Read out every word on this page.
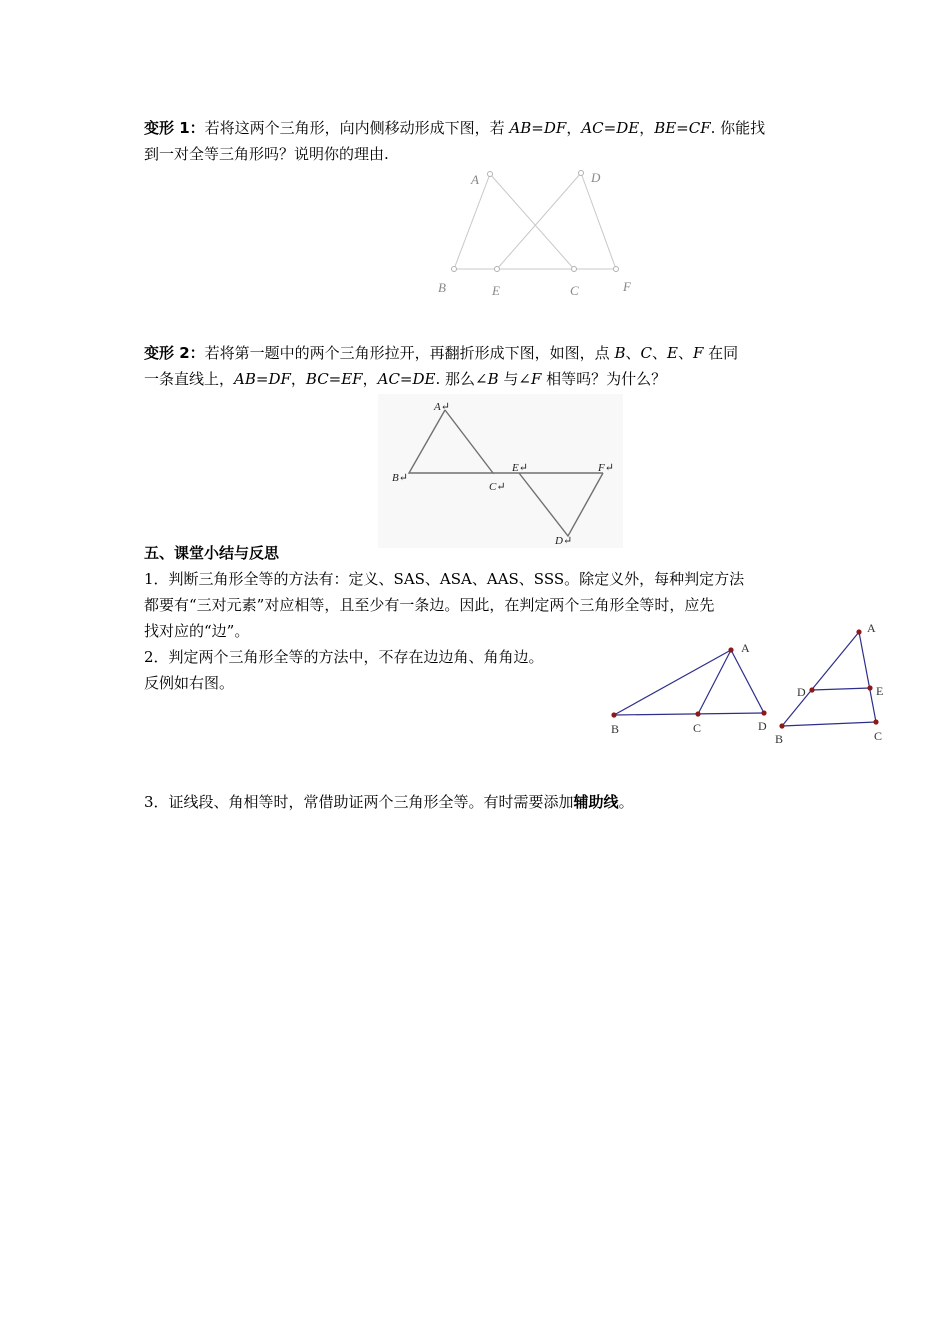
变形 1：若将这两个三角形，向内侧移动形成下图，若 AB=DF，AC=DE，BE=CF. 你能找
到一对全等三角形吗？说明你的理由.
A	D
B	E	C	F
变形 2：若将第一题中的两个三角形拉开，再翻折形成下图，如图，点 B、C、E、F 在同
一条直线上，AB=DF，BC=EF，AC=DE. 那么∠B 与∠F 相等吗？为什么？
A↵
B↵
C↵
E↵	F↵
D↵
五、课堂小结与反思
1．判断三角形全等的方法有：定义、SAS、ASA、AAS、SSS。除定义外，每种判定方法
都要有“三对元素”对应相等，且至少有一条边。因此，在判定两个三角形全等时，应先
找对应的“边”。
2．判定两个三角形全等的方法中，不存在边边角、角角边。
反例如右图。
A
B	C	D
A
D	E
B	C
3．证线段、角相等时，常借助证两个三角形全等。有时需要添加辅助线。
